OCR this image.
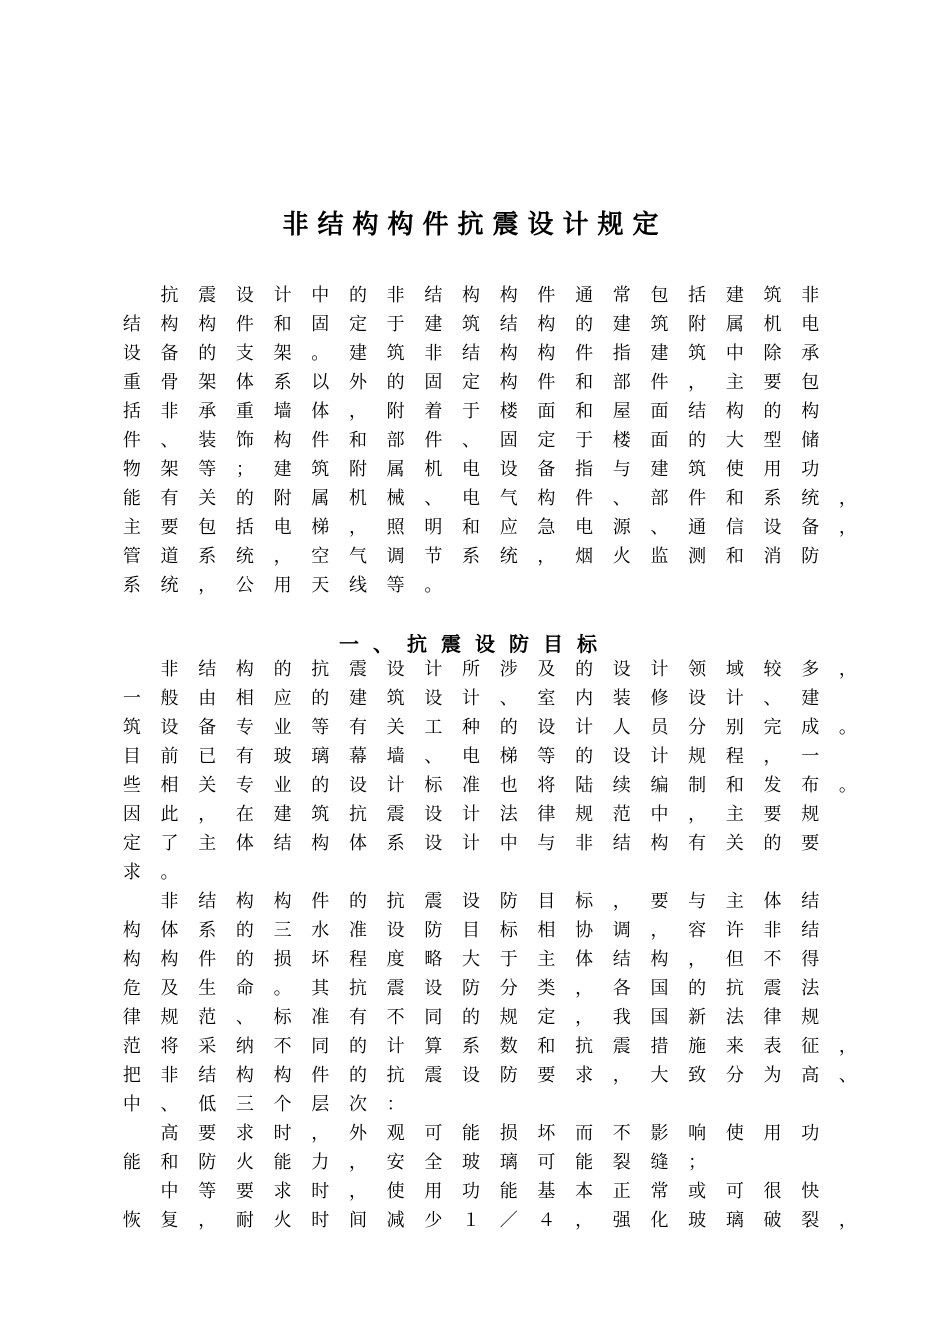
非结构构件抗震设计规定

抗	震	设	计	中	的	非	结	构	构	件	通	常	包	括	建	筑	非
结	构	构	件	和	固	定	于	建	筑	结	构	的	建	筑	附	属	机	电
设	备	的	支	架	。	建	筑	非	结	构	构	件	指	建	筑	中	除	承
重	骨	架	体	系	以	外	的	固	定	构	件	和	部	件	，	主	要	包
括	非	承	重	墙	体	，	附	着	于	楼	面	和	屋	面	结	构	的	构
件	、	装	饰	构	件	和	部	件	、	固	定	于	楼	面	的	大	型	储
物	架	等	；	建	筑	附	属	机	电	设	备	指	与	建	筑	使	用	功
能	有	关	的	附	属	机	械	、	电	气	构	件	、	部	件	和	系	统	，
主	要	包	括	电	梯	，	照	明	和	应	急	电	源	、	通	信	设	备	，
管	道	系	统	，	空	气	调	节	系	统	，	烟	火	监	测	和	消	防
系	统	，	公	用	天	线	等	。
一、抗震设防目标

非	结	构	的	抗	震	设	计	所	涉	及	的	设	计	领	域	较	多	，
一	般	由	相	应	的	建	筑	设	计	、	室	内	装	修	设	计	、	建
筑	设	备	专	业	等	有	关	工	种	的	设	计	人	员	分	别	完	成	。
目	前	已	有	玻	璃	幕	墙	、	电	梯	等	的	设	计	规	程	，	一
些	相	关	专	业	的	设	计	标	准	也	将	陆	续	编	制	和	发	布	。
因	此	，	在	建	筑	抗	震	设	计	法	律	规	范	中	，	主	要	规
定	了	主	体	结	构	体	系	设	计	中	与	非	结	构	有	关	的	要
求	。

非	结	构	构	件	的	抗	震	设	防	目	标	，	要	与	主	体	结
构	体	系	的	三	水	准	设	防	目	标	相	协	调	，	容	许	非	结
构	构	件	的	损	坏	程	度	略	大	于	主	体	结	构	，	但	不	得
危	及	生	命	。	其	抗	震	设	防	分	类	，	各	国	的	抗	震	法
律	规	范	、	标	准	有	不	同	的	规	定	，	我	国	新	法	律	规
范	将	采	纳	不	同	的	计	算	系	数	和	抗	震	措	施	来	表	征	，
把	非	结	构	构	件	的	抗	震	设	防	要	求	，	大	致	分	为	高	、
中	、	低	三	个	层	次	：

高	要	求	时	，	外	观	可	能	损	坏	而	不	影	响	使	用	功
能	和	防	火	能	力	，	安	全	玻	璃	可	能	裂	缝	；

中	等	要	求	时	，	使	用	功	能	基	本	正	常	或	可	很	快
恢	复	，	耐	火	时	间	减	少	１	／	４	，	强	化	玻	璃	破	裂	，
